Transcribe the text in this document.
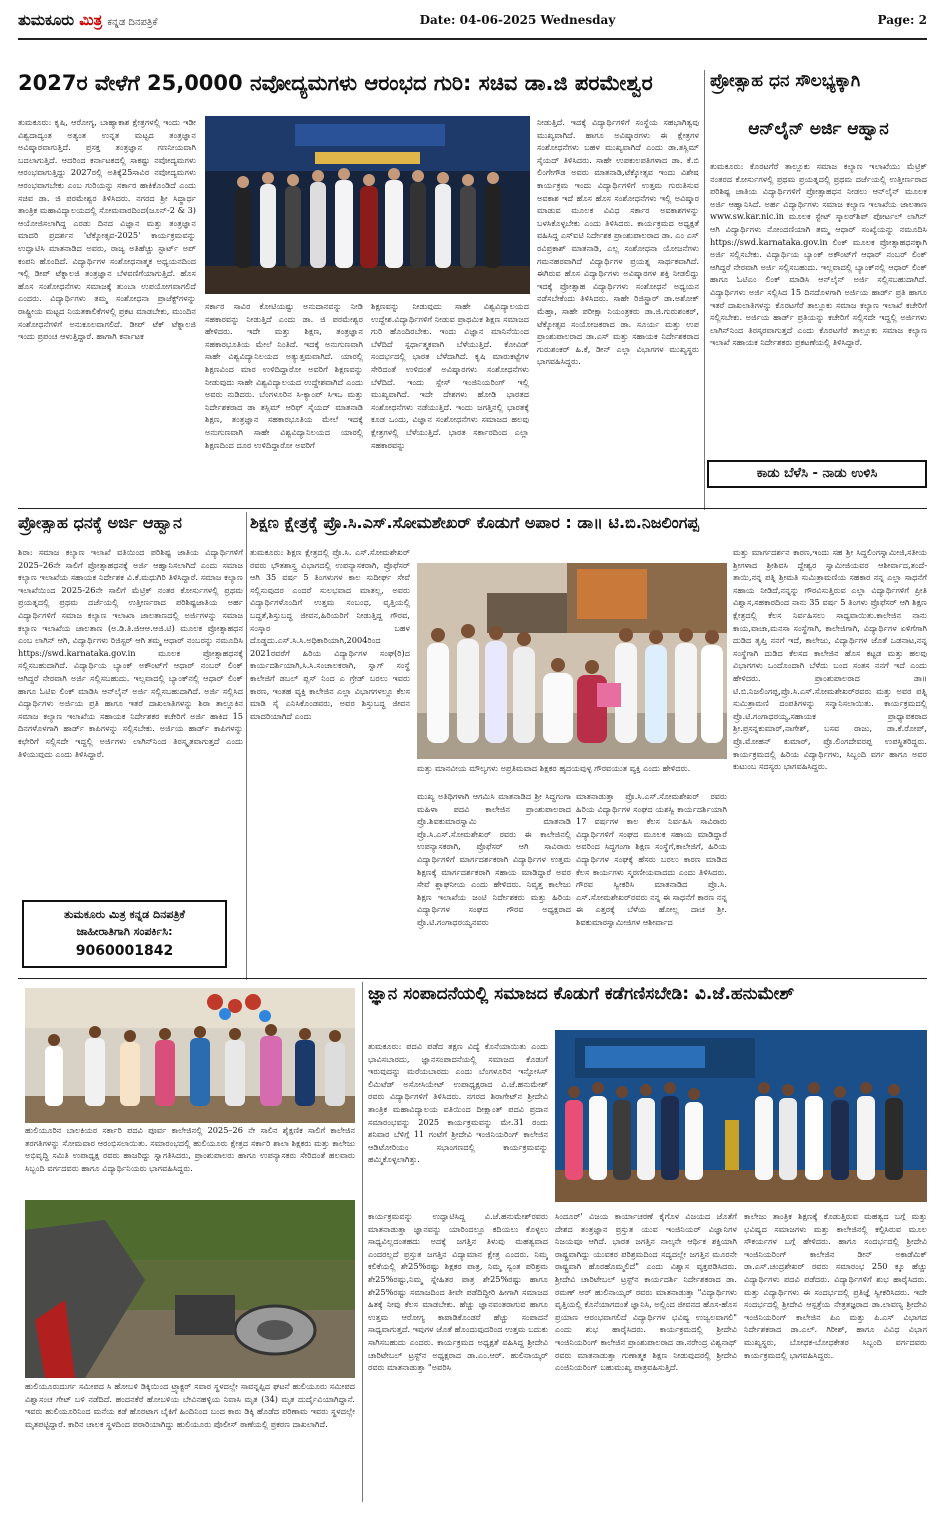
ತುಮಕೂರು ಮಿತ್ರ ಕನ್ನಡ ದಿನಪತ್ರಿಕೆ	Date: 04-06-2025 Wednesday	Page: 2
2027ರ ವೇಳೆಗೆ 25,0000 ನವೋದ್ಯಮಗಳು ಆರಂಭದ ಗುರಿ: ಸಚಿವ ಡಾ.ಜಿ ಪರಮೇಶ್ವರ
ತುಮಕೂರು: ಕೃಷಿ, ಆರೋಗ್ಯ, ಬಾಹ್ಯಾಕಾಶ ಕ್ಷೇತ್ರಗಳಲ್ಲಿ ಇಂದು ಇಡೀ ವಿಶ್ವದಾದ್ಯಂತ ಅತ್ಯಂತ ಉನ್ನತ ಮಟ್ಟದ ತಂತ್ರಜ್ಞಾನ ಅವಿಷ್ಕಾರವಾಗುತ್ತಿದೆ. ಪ್ರಸಕ್ತ ತಂತ್ರಜ್ಞಾನ ಗಣನೀಯವಾಗಿ ಬದಲಾಗುತ್ತಿದೆ. ಆದರಿಂದ ಕರ್ನಾಟಕದಲ್ಲಿ ಸಾಕಷ್ಟು ನವೋದ್ಯಮಗಳು ಆರಂಭವಾಗುತ್ತಿದ್ದು 2027ರಲ್ಲಿ ಅತಿಕ್ಕೆ25ಸಾವಿರ ನವೋದ್ಯಮಗಳು ಆರಂಭವಾಗಬೇಕು ಎಂಬ ಗುರಿಯನ್ನು ಸರ್ಕಾರ ಹಾಕಿಕೊಂಡಿದೆ ಎಂದು ಸಚಿವ ಡಾ. ಜಿ ಪರಮೇಶ್ವರ ತಿಳಿಸಿದರು. ನಗರದ ಶ್ರೀ ಸಿದ್ಧಾರ್ಥ ತಾಂತ್ರಿಕ ಮಹಾವಿದ್ಯಾಲಯದಲ್ಲಿ ಸೋಮವಾರದಿಂದ(ಜೂನ್-2 & 3) ಆಯೋಜಿಸಲಾಗಿದ್ದ ಎರಡು ದಿನದ ವಿಜ್ಞಾನ ಮತ್ತು ತಂತ್ರಜ್ಞಾನ ಮಾದರಿ ಪ್ರದರ್ಶನ 'ಟೆಕ್ಕೋತ್ಸವ-2025' ಕಾರ್ಯಕ್ರಮವನ್ನು ಉದ್ಘಾಟಿಸಿ ಮಾತನಾಡಿದ ಅವರು, ರಾಜ್ಯ ಅತಿಹೆಚ್ಚು ಸ್ಟಾರ್ಟ್ ಅಪ್ ಕಂಪನಿ ಹೊಂದಿದೆ. ವಿದ್ಯಾರ್ಥಿಗಳ ಸಂಶೋಧನಾತ್ಮಕ ಅಧ್ಯಯನದಿಂದ ಇಲ್ಲಿ ಡೀಪ್ ಟೆಕ್ನಾಲಜಿ ತಂತ್ರಜ್ಞಾನ ಬೆಳವಣಿಗೆಯಾಗುತ್ತಿದೆ. ಹೊಸ ಹೊಸ ಸಂಶೋಧನೆಗಳು ಸಮಾಜಕ್ಕೆ ತುಂಬಾ ಉಪಯೋಗವಾಗಲಿದೆ ಎಂದರು. ವಿದ್ಯಾರ್ಥಿಗಳು ತಮ್ಮ ಸಂಶೋಧನಾ ಪ್ರಾಜೆಕ್ಟ್‌ಗಳನ್ನು ರಾಷ್ಟ್ರೀಯ ಮಟ್ಟದ ನಿಯತಕಾಲಿಕೆಗಳಲ್ಲಿ ಪ್ರಕಟ ಮಾಡಬೇಕು, ಮುಂದಿನ ಸಂಶೋಧನೆಗಳಿಗೆ ಅನುಕೂಲವಾಗಲಿದೆ. ಡೀಪ್ ಟೆಕ್ ಟೆಕ್ನಾಲಜಿ ಇಂದು ಪ್ರಪಂಚ ಆಳುತ್ತಿದ್ದಾರೆ. ಹಾಗಾಗಿ ಕರ್ನಾಟಕ
ಸರ್ಕಾರ ಸಾವಿರ ಕೋಟಿಯಷ್ಟು ಅನುದಾನವನ್ನು ನೀಡಿ ಸಹಕಾರವನ್ನು ನೀಡುತ್ತಿದೆ ಎಂದು ಡಾ. ಜಿ ಪರಮೇಶ್ವರ ಹೇಳಿದರು. ಇದೇ ಮತ್ತು ಶಿಕ್ಷಣ, ತಂತ್ರಜ್ಞಾನ ಸಹಕಾರಭೂತಿಯ ಮೇಲೆ ನಿಂತಿದೆ. ಇದಕ್ಕೆ ಅನುಗುಣವಾಗಿ ಸಾಹೇ ವಿಶ್ವವಿದ್ಯಾನಿಲಯದ ಅತ್ಯುತ್ತಮವಾಗಿದೆ. ಯಾರಲ್ಲಿ ಶಿಕ್ಷಣವಿಂದ ಮಾರ ಉಳಿದಿದ್ದಾರೋ ಅವರಿಗೆ ಶಿಕ್ಷಣವನ್ನು ನೀಡುವುದು ಸಾಹೇ ವಿಶ್ವವಿದ್ಯಾಲಯದ ಉದ್ದೇಶವಾಗಿದೆ ಎಂದು ಅವರು ನುಡಿದರು. ಬೆಂಗಳೂರಿನ ಸಿ-ಕ್ಯಾಂಪ್ ಸಿಇಒ ಮತ್ತು ನಿರ್ದೇಶಕರಾದ ಡಾ ತಸ್ಲಿಮ್ ಆರಿಫ್ ಸೈಯದ್ ಮಾತನಾಡಿ ಶಿಕ್ಷಣ, ತಂತ್ರಜ್ಞಾನ ಸಹಕಾರಭೂತಿಯ ಮೇಲೆ ಇದಕ್ಕೆ ಅನುಗುಣವಾಗಿ ಸಾಹೇ ವಿಶ್ವವಿದ್ಯಾನಿಲಯದ ಯಾರಲ್ಲಿ ಶಿಕ್ಷಣದಿಂದ ದೂರ ಉಳಿದಿದ್ದಾರೋ ಅವರಿಗೆ
ಶಿಕ್ಷಣವನ್ನು ನೀಡುವುದು ಸಾಹೇ ವಿಶ್ವವಿದ್ಯಾಲಯದ ಉದ್ದೇಶ.ವಿದ್ಯಾರ್ಥಿಗಳಿಗೆ ನೀಡುವ ಪ್ರಾಥಮಿಕ ಶಿಕ್ಷಣ ಸಮಾಜದ ಗುರಿ ಹೊಂದಿರಬೇಕು. ಇಂದು ವಿಜ್ಞಾನ ಮಾನಿನೆಯಿಂದ ಬೆಳೆದಿದೆ ಸ್ಪರ್ಧಾತ್ಮಕವಾಗಿ ಬೆಳೆಯುತ್ತಿದೆ. ಕೋವಿಡ್ ಸಂದರ್ಭದಲ್ಲಿ ಭಾರತ ಬೆಳೆದಾಗಿದೆ. ಕೃಷಿ ಮಾರುಕಟ್ಟೆಗಳ ಸೇರಿದಂತೆ ಉಳಿದಂತೆ ಅವಿಷ್ಕಾರಗಳು ಸಂಶೋಧನೆಗಳು ಬೆಳೆದಿದೆ. ಇಂದು ಸ್ಪೇಸ್ ಇಂಜಿನಿಯರಿಂಗ್ ಇಲ್ಲಿ ಮುಖ್ಯವಾಗಿದೆ. ಇದೇ ದೇಶಗಳು ಹೋಡಿ ಭಾರತದ ಸಂಶೋಧನೆಗಳು ನಡೆಯುತ್ತಿದೆ. ಇಂದು ಜಗತ್ತಿನಲ್ಲಿ ಭಾರತಕ್ಕೆ ಕೂಡ ಒಂದು, ವಿಜ್ಞಾನ ಸಂಶೋಧನೆಗಳು ಸಮಾಜದ ಹಲವು ಕ್ಷೇತ್ರಗಳಲ್ಲಿ ಬೆಳೆಯುತ್ತಿದೆ. ಭಾರತ ಸರ್ಕಾರದಿಂದ ಎಲ್ಲಾ ಸಹಕಾರವನ್ನು
ನೀಡುತ್ತಿದೆ. ಇದಕ್ಕೆ ವಿದ್ಯಾರ್ಥಿಗಳಿಗೆ ಸಂಸ್ಥೆಯ ಸಹಭಾಗಿತ್ವವು ಮುಖ್ಯವಾಗಿದೆ. ಹಾಗೂ ಅವಿಷ್ಕಾರಗಳು ಈ ಕ್ಷೇತ್ರಗಳ ಸಂಶೋಧನೆಗಳು ಬಹಳ ಮುಖ್ಯವಾಗಿದೆ ಎಂದು ಡಾ.ತಸ್ಲಿಮ್ ಸೈಯದ್ ತಿಳಿಸಿದರು. ಸಾಹೇ ಉಪಕುಲಪತಿಗಳಾದ ಡಾ. ಕೆ.ಬಿ ಲಿಂಗೇಗೌಡ ಅವರು ಮಾತನಾಡಿ,ಟೆಕ್ಕೋತ್ಸವ ಇಂದು ವಿಶೇಷ ಕಾರ್ಯಕ್ರಮ ಇಂದು ವಿದ್ಯಾರ್ಥಿಗಳಿಗೆ ಉತ್ತಮ ಗುರುತಿಸುವ ಅವಕಾಶ ಇದೆ ಹೊಸ ಹೊಸ ಸಂಶೋಧನೆಗಳು ಇಲ್ಲಿ ಅವಿಷ್ಕಾರ ಮಾಡುವ ಮೂಲಕ ವಿವಿಧ ಸರ್ಕಾರ ಅವಕಾಶಗಳನ್ನು ಬಳಸಿಕೊಳ್ಳಬೇಕು ಎಂದು ತಿಳಿಸಿದರು. ಕಾರ್ಯಕ್ರಮದ ಅಧ್ಯಕ್ಷತೆ ವಹಿಸಿದ್ದ ಎಸ್ಐಟಿ ನಿರ್ದೇಶಕ ಪ್ರಾಂಶುಪಾಲರಾದ ಡಾ. ಎಂ ಎಸ್ ರವಿಪ್ರಕಾಶ್ ಮಾತನಾಡಿ, ಎಲ್ಲ ಸಂಶೋಧನಾ ಯೋಜನೆಗಳು ಗಮನಹರವಾಗಿದೆ ವಿದ್ಯಾರ್ಥಿಗಳ ಪ್ರಯತ್ನ ಸಾರ್ಥಕವಾಗಿದೆ. ಈಗಿರುವ ಹೊಸ ವಿದ್ಯಾರ್ಥಿಗಳು ಅವಿಷ್ಕಾರಗಳ ಶಕ್ತಿ ನೀಡಲಿದ್ದು ಇದಕ್ಕೆ ಪ್ರೋತ್ಸಾಹ ವಿದ್ಯಾರ್ಥಿಗಳು ಸಂಶೋಧನೆ ಅಧ್ಯಯನ ನಡೆಸಬೇಕೆಂದು ತಿಳಿಸಿದರು. ಸಾಹೇ ರಿಜಿಸ್ಟ್ರಾರ್ ಡಾ.ಅಶೋಕ್ ಮೆಹ್ತಾ, ಸಾಹೇ ಪರೀಕ್ಷಾ ನಿಯಂತ್ರಕರು ಡಾ.ಜಿ.ಗುರುಶಂಕರ್, ಟೆಕ್ಕೋತ್ಸವ ಸಂಯೋಜಕರಾದ ಡಾ. ಸೂರ್ಯ ಮತ್ತು ಉಪ ಪ್ರಾಂಶುಪಾಲರಾದ ಡಾ.ಎಸ್ ಮತ್ತು ಸಹಾಯಕ ನಿರ್ದೇಶಕರಾದ ಗುರುಶಂಕರ್ ಹಿ.ಕೆ, ಡೀನ್ ಎಲ್ಲಾ ವಿಭಾಗಗಳ ಮುಖ್ಯಸ್ಥರು ಭಾಗವಹಿಸಿದ್ದರು.
ಪ್ರೋತ್ಸಾಹ ಧನ ಸೌಲಭ್ಯಕ್ಕಾಗಿ
ಆನ್‌ಲೈನ್ ಅರ್ಜಿ ಆಹ್ವಾನ
ತುಮಕೂರು: ಕೊರಟಗೆರೆ ತಾಲ್ಲೂಕು ಸಮಾಜ ಕಲ್ಯಾಣ ಇಲಾಖೆಯು ಮೆಟ್ರಿಕ್ ನಂತರದ ಕೋರ್ಸುಗಳಲ್ಲಿ ಪ್ರಥಮ ಪ್ರಯತ್ನದಲ್ಲಿ ಪ್ರಥಮ ದರ್ಜೆಯಲ್ಲಿ ಉತ್ತೀರ್ಣರಾದ ಪರಿಶಿಷ್ಟ ಜಾತಿಯ ವಿದ್ಯಾರ್ಥಿಗಳಿಗೆ ಪ್ರೋತ್ಸಾಹಧನ ನೀಡಲು ಆನ್‌ಲೈನ್ ಮೂಲಕ ಅರ್ಜಿ ಆಹ್ವಾನಿಸಿದೆ. ಅರ್ಹ ವಿದ್ಯಾರ್ಥಿಗಳು ಸಮಾಜ ಕಲ್ಯಾಣ ಇಲಾಖೆಯ ಜಾಲತಾಣ www.sw.kar.nic.in ಮೂಲಕ ಸ್ಟೇಟ್ ಸ್ಕಾಲರ್‌ಶಿಪ್ ಪೋರ್ಟಲ್ ಲಾಗಿನ್ ಆಗಿ ವಿದ್ಯಾರ್ಥಿಗಳು ನೋಂದಣಿಯಾಗಿ ತಮ್ಮ ಆಧಾರ್ ಸಂಖ್ಯೆಯನ್ನು ನಮೂದಿಸಿ https://swd.karnataka.gov.in ಲಿಂಕ್ ಮೂಲಕ ಪ್ರೋತ್ಸಾಹಧನಕ್ಕಾಗಿ ಅರ್ಜಿ ಸಲ್ಲಿಸಬೇಕು. ವಿದ್ಯಾರ್ಥಿಯ ಬ್ಯಾಂಕ್ ಅಕೌಂಟ್‌ಗೆ ಆಧಾರ್ ನಂಬರ್ ಲಿಂಕ್ ಆಗಿದ್ದರೆ ನೇರವಾಗಿ ಅರ್ಜಿ ಸಲ್ಲಿಸಬಹುದು. ಇಲ್ಲವಾದಲ್ಲಿ ಬ್ಯಾಂಕ್‌ನಲ್ಲಿ ಆಧಾರ್ ಲಿಂಕ್ ಹಾಗೂ ಓಟಿಎಂ ಲಿಂಕ್ ಮಾಡಿಸಿ ಆನ್‌ಲೈನ್ ಅರ್ಜಿ ಸಲ್ಲಿಸಬಹುದಾಗಿದೆ. ವಿದ್ಯಾರ್ಥಿಗಳು ಅರ್ಜಿ ಸಲ್ಲಿಸಿದ 15 ದಿನದೊಳಗಾಗಿ ಅರ್ಜಿಯ ಹಾರ್ಡ್ ಪ್ರತಿ ಹಾಗೂ ಇತರೆ ದಾಖಲಾತಿಗಳನ್ನು ಕೊರಟಗೆರೆ ತಾಲ್ಲೂಕು ಸಮಾಜ ಕಲ್ಯಾಣ ಇಲಾಖೆ ಕಚೇರಿಗೆ ಸಲ್ಲಿಸಬೇಕು. ಅರ್ಜಿಯ ಹಾರ್ಡ್ ಪ್ರತಿಯನ್ನು ಕಚೇರಿಗೆ ಸಲ್ಲಿಸದೇ ಇದ್ದಲ್ಲಿ ಅರ್ಜಿಗಳು ಲಾಗಿನ್‌ನಿಂದ ತಿರಸ್ಕರವಾಗುತ್ತದೆ ಎಂದು ಕೊರಟಗೆರೆ ತಾಲ್ಲೂಕು ಸಮಾಜ ಕಲ್ಯಾಣ ಇಲಾಖೆ ಸಹಾಯಕ ನಿರ್ದೇಶಕರು ಪ್ರಕಟಣೆಯಲ್ಲಿ ತಿಳಿಸಿದ್ದಾರೆ.
ಕಾಡು ಬೆಳೆಸಿ - ನಾಡು ಉಳಿಸಿ
ಪ್ರೋತ್ಸಾಹ ಧನಕ್ಕೆ ಅರ್ಜಿ ಆಹ್ವಾನ	ಶಿಕ್ಷಣ ಕ್ಷೇತ್ರಕ್ಕೆ ಪ್ರೊ.ಸಿ.ಎಸ್.ಸೋಮಶೇಖರ್ ಕೊಡುಗೆ ಅಪಾರ : ಡಾ॥ ಟಿ.ಬಿ.ನಿಜಲಿಂಗಪ್ಪ
ಶಿರಾ: ಸಮಾಜ ಕಲ್ಯಾಣ ಇಲಾಖೆ ವತಿಯಿಂದ ಪರಿಶಿಷ್ಟ ಜಾತಿಯ ವಿದ್ಯಾರ್ಥಿಗಳಿಗೆ 2025–26ನೇ ಸಾಲಿಗೆ ಪ್ರೋತ್ಸಾಹಧನಕ್ಕೆ ಅರ್ಜಿ ಆಹ್ವಾನಿಸಲಾಗಿದೆ ಎಂದು ಸಮಾಜ ಕಲ್ಯಾಣ ಇಲಾಖೆಯ ಸಹಾಯಕ ನಿರ್ದೇಶಕ ವಿ.ಕೆ.ಮಧುಗಿರಿ ತಿಳಿಸಿದ್ದಾರೆ. ಸಮಾಜ ಕಲ್ಯಾಣ ಇಲಾಖೆಯಿಂದ 2025-26ನೇ ಸಾಲಿಗೆ ಮೆಟ್ರಿಕ್ ನಂತರ ಕೋರ್ಸುಗಳಲ್ಲಿ ಪ್ರಥಮ ಪ್ರಯತ್ನದಲ್ಲಿ ಪ್ರಥಮ ದರ್ಜೆಯಲ್ಲಿ ಉತ್ತೀರ್ಣರಾದ ಪರಿಶಿಷ್ಟಜಾತಿಯ ಅರ್ಹ ವಿದ್ಯಾರ್ಥಿಗಳಿಗೆ ಸಮಾಜ ಕಲ್ಯಾಣ ಇಲಾಖಾ ಜಾಲತಾಣದಲ್ಲಿ ಅರ್ಜಿಗಳನ್ನು ಸಮಾಜ ಕಲ್ಯಾಣ ಇಲಾಖೆಯ ಜಾಲತಾಣ (ಅ.ಡಿ.ತಿ.ಜಿಆಆ.ಆಜಿ.ಟಿ) ಮೂಲಕ ಪ್ರೋತ್ಸಾಹಧನ ಎಂಬ ಲಾಗಿನ್ ಆಗಿ, ವಿದ್ಯಾರ್ಥಿಗಳು ರಿಜಿಸ್ಟರ್ ಆಗಿ ತಮ್ಮ ಆಧಾರ್ ನಂಬರನ್ನು ನಮೂದಿಸಿ https://swd.karnataka.gov.in ಮೂಲಕ ಪ್ರೋತ್ಸಾಹಧನಕ್ಕೆ ಸಲ್ಲಿಸಬಹುದಾಗಿದೆ. ವಿದ್ಯಾರ್ಥಿಯ ಬ್ಯಾಂಕ್ ಅಕೌಂಟ್‌ಗೆ ಆಧಾರ್ ನಂಬರ್ ಲಿಂಕ್ ಆಗಿದ್ದರೆ ನೇರವಾಗಿ ಅರ್ಜಿ ಸಲ್ಲಿಸಬಹುದು. ಇಲ್ಲವಾದಲ್ಲಿ ಬ್ಯಾಂಕ್‌ನಲ್ಲಿ ಆಧಾರ್ ಲಿಂಕ್ ಹಾಗೂ ಓಟಿಐ ಲಿಂಕ್ ಮಾಡಿಸಿ ಆನ್‌ಲೈನ್ ಅರ್ಜಿ ಸಲ್ಲಿಸಬಹುದಾಗಿದೆ. ಅರ್ಜಿ ಸಲ್ಲಿಸಿದ ವಿದ್ಯಾರ್ಥಿಗಳು ಅರ್ಜಿಯ ಪ್ರತಿ ಹಾಗೂ ಇತರೆ ದಾಖಲಾತಿಗಳನ್ನು ಶಿರಾ ತಾಲ್ಲೂಕಿನ ಸಮಾಜ ಕಲ್ಯಾಣ ಇಲಾಖೆಯ ಸಹಾಯಕ ನಿರ್ದೇಶಕರ ಕಚೇರಿಗೆ ಅರ್ಜಿ ಹಾಕಿದ 15 ದಿನಗಳೊಳಗಾಗಿ ಹಾರ್ಡ್ ಕಾಪಿಗಳನ್ನು ಸಲ್ಲಿಸಬೇಕು. ಅರ್ಜಿಯ ಹಾರ್ಡ್ ಕಾಪಿಗಳನ್ನು ಕಛೇರಿಗೆ ಸಲ್ಲಿಸದೇ ಇದ್ದಲ್ಲಿ ಅರ್ಜಿಗಳು ಲಾಗಿನ್‌ನಿಂದ ತಿರಸ್ಕೃತವಾಗುತ್ತದೆ ಎಂದು ತಿಳಿಯುವುದು ಎಂದು ತಿಳಿಸಿದ್ದಾರೆ.
ತುಮಕೂರು ಮಿತ್ರ ಕನ್ನಡ ದಿನಪತ್ರಿಕೆ
ಜಾಹೀರಾತಿಗಾಗಿ ಸಂಪರ್ಕಿಸಿ:
9060001842
ತುಮಕೂರು: ಶಿಕ್ಷಣ ಕ್ಷೇತ್ರದಲ್ಲಿ ಪ್ರೊ.ಸಿ. ಎಸ್.ಸೋಮಶೇಖರ್ ರವರು ಭೌತಶಾಸ್ತ್ರ ವಿಭಾಗದಲ್ಲಿ ಉಪನ್ಯಾಸಕರಾಗಿ, ಪ್ರೊಫೆಸರ್ ಆಗಿ 35 ವರ್ಷ 5 ತಿಂಗಳುಗಳ ಕಾಲ ಸುದೀರ್ಘ ಸೇವೆ ಸಲ್ಲಿಸುವುದರ ಎಂದರೆ ಸುಲಭವಾದ ಮಾತಲ್ಲ, ಅವರು ವಿದ್ಯಾರ್ಥಿಗಳೊಂದಿಗೆ ಉತ್ತಮ ಸಂಬಂಧ, ವೃತ್ತಿಯಲ್ಲಿ ಬದ್ಧತೆ,ಶಿಸ್ತುಬದ್ಧ ಜೀವನ,ಹಿರಿಯರಿಗೆ ನೀಡುತ್ತಿದ್ದ ಗೌರವ, ಸಂಸ್ಕಾರ ಬಹಳ ದೊಡ್ಡದು.ಎಸ್.ಸಿ.ಸಿ.ಅಧಿಕಾರಿಯಾಗಿ,2004ರಿಂದ 2021ರವರೆಗೆ ಹಿರಿಯ ವಿದ್ಯಾರ್ಥಿಗಳ ಸಂಘ(ರಿ)ದ ಕಾರ್ಯದರ್ಶಿಯಾಗಿ,ಸಿ.ಸಿ.ಸಂಚಾಲಕರಾಗಿ, ಸ್ವಾಗ್ ಸಂಸ್ಥೆ ಕಾಲೇಜಿಗೆ ಡಬಲ್ ಪ್ಲಸ್ ನಿಂದ ಎ ಗ್ರೇಡ್ ಬರಲು ಇವರು ಕಾರಣ, ಇಂತಹ ವ್ಯಕ್ತಿ ಕಾಲೇಜಿನ ಎಲ್ಲಾ ವಿಭಾಗಗಳಲ್ಲೂ ಕೆಲಸ ಮಾಡಿ ಸೈ ಎನಿಸಿಕೊಂಡವರು, ಅವರ ಶಿಸ್ತುಬದ್ಧ ಜೀವನ ಮಾದರಿಯಾಗಿದೆ ಎಂದು
ಮತ್ತು ಮಾನವೀಯ ಮೌಲ್ಯಗಳು ಅಪ್ರತಿಮವಾದ ಶಿಕ್ಷಕರ ಹೃದಯವುಳ್ಳ ಗೌರವಯುತ ವ್ಯಕ್ತಿ ಎಂದು ಹೇಳಿದರು.
ಮುಖ್ಯ ಅತಿಥಿಗಳಾಗಿ ಆಗಮಿಸಿ ಮಾತನಾಡಿದ ಶ್ರೀ ಸಿದ್ಧಗಂಗಾ ಮಹಿಳಾ ಪದವಿ ಕಾಲೇಜಿನ ಪ್ರಾಂಶುಪಾಲರಾದ ಪ್ರೊ.ಶಿವಕುಮಾರಸ್ವಾಮಿ ಮಾತನಾಡಿ ಪ್ರೊ.ಸಿ.ಎಸ್.ಸೋಮಶೇಖರ್ ರವರು ಈ ಕಾಲೇಜಿನಲ್ಲಿ ಉಪನ್ಯಾಸಕರಾಗಿ, ಪ್ರೊಫೆಸರ್ ಆಗಿ ಸಾವಿರಾರು ವಿದ್ಯಾರ್ಥಿಗಳಿಗೆ ಮಾರ್ಗದರ್ಶಕರಾಗಿ ವಿದ್ಯಾರ್ಥಿಗಳ ಉತ್ತಮ ಶಿಕ್ಷಣಕ್ಕೆ ಮಾರ್ಗದರ್ಶಕರಾಗಿ ಸಹಾಯ ಮಾಡಿದ್ದಾರೆ ಅವರ ಸೇವೆ ಶ್ಲಾಘನೀಯ ಎಂದು ಹೇಳಿದರು. ನಿವೃತ್ತ ಕಾಲೇಜು ಶಿಕ್ಷಣ ಇಲಾಖೆಯ ಜಂಟಿ ನಿರ್ದೇಶಕರು ಮತ್ತು ಹಿರಿಯ ವಿದ್ಯಾರ್ಥಿಗಳ ಸಂಘದ ಗೌರವ ಅಧ್ಯಕ್ಷರಾದ ಪ್ರೊ.ಟಿ.ಗಂಗಾಧರಯ್ಯನವರು
ಮಾತನಾಡುತ್ತಾ ಪ್ರೊ.ಸಿ.ಎಸ್.ಸೋಮಶೇಖರ್ ರವರು ಹಿರಿಯ ವಿದ್ಯಾರ್ಥಿಗಳ ಸಂಘದ ಯಶಸ್ವಿ ಕಾರ್ಯದರ್ಶಿಯಾಗಿ 17 ವರ್ಷಗಳ ಕಾಲ ಕೆಲಸ ನಿರ್ವಹಿಸಿ ಸಾವಿರಾರು ವಿದ್ಯಾರ್ಥಿಗಳಿಗೆ ಸಂಘದ ಮೂಲಕ ಸಹಾಯ ಮಾಡಿದ್ದಾರೆ ಅವರಿಂದ ಸಿದ್ಧಗಂಗಾ ಶಿಕ್ಷಣ ಸಂಸ್ಥೆಗೆ,ಕಾಲೇಜಿಗೆ, ಹಿರಿಯ ವಿದ್ಯಾರ್ಥಿಗಳ ಸಂಘಕ್ಕೆ ಹೆಸರು ಬರಲು ಕಾರಣ ಮಾಡಿದ ಕೆಲಸ ಕಾರ್ಯಗಳು ಸ್ಮರಣೀಯವಾದದು ಎಂದು ತಿಳಿಸಿದರು. ಗೌರವ ಸ್ವೀಕರಿಸಿ ಮಾತನಾಡಿದ ಪ್ರೊ.ಸಿ. ಎಸ್.ಸೋಮಶೇಖರ್‌ರವರು ನನ್ನ ಈ ಸಾಧನೆಗೆ ಕಾರಣ ನನ್ನ ಈ ಎತ್ತರಕ್ಕೆ ಬೆಳೆಯ ಹೋಲ್ಲ ದಾಚ ಶ್ರೀ. ಶಿವಕುಮಾರಸ್ವಾಮೀಜಿಗಳ ಆಶೀರ್ವಾದ
ಮತ್ತು ಮಾರ್ಗದರ್ಶನ ಕಾರಣ,ಇಂದು ಸಹ ಶ್ರೀ ಸಿದ್ದಲಿಂಗಸ್ವಾಮೀಜಿ,ಸತೀಯ ಶ್ರೀಗಳಾದ ಶ್ರೀಶಿವಸಿ ದ್ದೇಶ್ವರ ಸ್ವಾಮೀಜಿಯವರ ಆಶೀರ್ವಾದ,ತಂದೆ-ತಾಯಿ,ನನ್ನ ಪತ್ನಿ ಶ್ರೀಮತಿ ಸುಮಿತ್ರಾಮಣಿಯ ಸಹಕಾರ ನನ್ನ ಎಲ್ಲಾ ಸಾಧನೆಗೆ ಸಹಾಯ ನೀಡಿದೆ,ನನ್ನನ್ನು ಗೌರವಿಸುತ್ತಿರುವ ಎಲ್ಲಾ ವಿದ್ಯಾರ್ಥಿಗಳಿಗೆ ಪ್ರೀತಿ ವಿಶ್ವಾಸ,ಸಹಕಾರದಿಂದ ನಾನು 35 ವರ್ಷ 5 ತಿಂಗಳು ಪ್ರೊಫೆಸರ್ ಆಗಿ ಶಿಕ್ಷಣ ಕ್ಷೇತ್ರದಲ್ಲಿ ಕೆಲಸ ನಿರ್ವಹಿಸಲು ಸಾಧ್ಯವಾಯಿತು.ಕಾಲೇಜಿನ ನಾನು ಕಾಯ,ವಾಚಾ,ಮನಸಾ ಸಂಸ್ಥೆಗಾಗಿ, ಕಾಲೇಜಿಗಾಗಿ, ವಿದ್ಯಾರ್ಥಿಗಳ ಏಳಿಗೆಗಾಗಿ ದುಡಿದ ತೃಪ್ತಿ ನನಗೆ ಇದೆ, ಕಾಲೇಜು, ವಿದ್ಯಾರ್ಥಿಗಳ ಜೊತೆ ಒಡನಾಟ,ನನ್ನ ಸಂಸ್ಥೆಗಾಗಿ ದುಡಿದ ಕೆಲಸದ ಕಾಲೇಜಿನ ಹೊಸ ಕಟ್ಟಡ ಮತ್ತು ಹಲವು ವಿಭಾಗಗಳು ಒಂದೊಂದಾಗಿ ಬೆಳೆದು ಬಂದ ಸಂತಸ ನನಗೆ ಇದೆ ಎಂದು ಹೇಳಿದರು. ಪ್ರಾಂಶುಪಾಲರಾದ ಡಾ॥ ಟಿ.ಬಿ.ನಿಜಲಿಂಗಪ್ಪ,ಪ್ರೊ.ಸಿ.ಎಸ್.ಸೋಮಶೇಖರ್‌ರವರು ಮತ್ತು ಅವರ ಪತ್ನಿ ಸುಮಿತ್ರಾಮಣಿ ದಂಪತಿಗಳನ್ನು ಸನ್ಮಾನಿಸಲಾಯಿತು. ಕಾರ್ಯಕ್ರಮದಲ್ಲಿ ಪ್ರೊ.ಟಿ.ಗಂಗಾಧರಯ್ಯ,ಸಹಾಯಕ ಪ್ರಾಧ್ಯಾಪಕರಾದ ಶ್ರೀ.ಪ್ರಸನ್ನಕುಮಾರ್,ನಾಗೇಶ್, ಬಸವ ರಾಜು, ಡಾ.ಕೆ.ರೋಪ್, ಪ್ರೊ.ಮೋಹನ್ ಕುಮಾರ್, ಪ್ರೊ.ಲಿಂಗದೇವರಪ್ಪ ಉಪಸ್ಥಿತರಿದ್ದರು. ಕಾರ್ಯಕ್ರಮದಲ್ಲಿ ಹಿರಿಯ ವಿದ್ಯಾರ್ಥಿಗಳು, ಸಿಬ್ಬಂದಿ ವರ್ಗ ಹಾಗೂ ಅವರ ಕುಟುಂಬ ಸದಸ್ಯರು ಭಾಗವಹಿಸಿದ್ದರು.
ಹುಲಿಯೂರಿನ ಬಾಲಕಿಯರ ಸರ್ಕಾರಿ ಪದವಿ ಪೂರ್ವ ಕಾಲೇಜಿನಲ್ಲಿ 2025–26 ನೇ ಸಾಲಿನ ಶೈಕ್ಷಣಿಕ ಸಾಲಿಗೆ ಕಾಲೇಜಿನ ತರಗತಿಗಳನ್ನು ಸೋಮವಾರ ಆರಂಭಿಸಲಾಯಿತು. ಸಮಾರಂಭದಲ್ಲಿ ಹುಲಿಯೂರು ಕ್ಷೇತ್ರದ ಸರ್ಕಾರಿ ಶಾಲಾ ಶಿಕ್ಷಕರು ಮತ್ತು ಕಾಲೇಜು ಅಭಿವೃದ್ಧಿ ಸಮಿತಿ ಉಪಾಧ್ಯಕ್ಷ ರವರು ಹಾಜರಿದ್ದು ಸ್ವಾಗತಿಸಿದರು, ಪ್ರಾಂಶುಪಾಲರು ಹಾಗೂ ಉಪನ್ಯಾಸಕರು ಸೇರಿದಂತೆ ಹಲವಾರು ಸಿಬ್ಬಂದಿ ವರ್ಗದವರು ಹಾಗೂ ವಿದ್ಯಾರ್ಥಿನಿಯರು ಭಾಗವಹಿಸಿದ್ದರು.
ಹುಲಿಯೂರುದುರ್ಗ ಸಮೀಪದ ಸಿ ಹೋಬಳಿ ಡಿಕ್ಕಿಯಿಂದ ಟ್ರ್ಯಾಕ್ಟರ್ ಸವಾರ ಸ್ಥಳದಲ್ಲೇ ಸಾವನ್ನಪ್ಪಿದ ಘಟನೆ ಹುಲಿಯೂರು ಸಮೀಪದ ವಿಶ್ವಾಸಂಚ ಗೇಟ್ ಬಳಿ ನಡೆದಿದೆ. ಹಂದನಕೆರೆ ಹೋಬಳಿಯ ಬೇವಿನಹಳ್ಳಿಯ ನಿವಾಸಿ ಮೃತ (34) ಮೃತ ದುರ್ದೈವಿಯಾಗಿದ್ದಾನೆ. ಇವರು ಹುಲಿಯೂರಿನಿಂದ ಮನೆಯ ಕಡೆ ಹೊರಟಾಗ ಬೈಕಿಗೆ ಹಿಂದಿನಿಂದ ಬಂದ ಕಾರು ಡಿಕ್ಕಿ ಹೊಡೆದ ಪರಿಣಾಮ ಇವರು ಸ್ಥಳದಲ್ಲೇ ಮೃತಪಟ್ಟಿದ್ದಾರೆ. ಕಾರಿನ ಚಾಲಕ ಸ್ಥಳದಿಂದ ಪರಾರಿಯಾಗಿದ್ದು ಹುಲಿಯೂರು ಪೊಲೀಸ್ ಠಾಣೆಯಲ್ಲಿ ಪ್ರಕರಣ ದಾಖಲಾಗಿದೆ.
ಜ್ಞಾನ ಸಂಪಾದನೆಯಲ್ಲಿ ಸಮಾಜದ ಕೊಡುಗೆ ಕಡೆಗಣಿಸಬೇಡಿ: ವಿ.ಜೆ.ಹನುಮೇಶ್
ತುಮಕೂರು: ಪದವಿ ಪಡೆದ ತಕ್ಷಣ ವಿದ್ಯೆ ಕೊನೆಯಾಯಿತು ಎಂದು ಭಾವಿಸಬಾರದು, ಜ್ಞಾನಸಂಪಾದನೆಯಲ್ಲಿ ಸಮಾಜದ ಕೊಡುಗೆ ಇರುವುದನ್ನು ಮರೆಯಬಾರದು ಎಂದು ಬೆಂಗಳೂರಿನ ಇನ್ಫೋಸಿಸ್ ಲಿಮಿಟೆಡ್ ಅಸೋಸಿಯೇಟ್ ಉಪಾಧ್ಯಕ್ಷರಾದ ವಿ.ಜೆ.ಹನುಮೇಶ್ ರವರು ವಿದ್ಯಾರ್ಥಿಗಳಿಗೆ ತಿಳಿಸಿದರು. ನಗರದ ಶಿರಾಗೇಟ್‌ನ ಶ್ರೀದೇವಿ ತಾಂತ್ರಿಕ ಮಹಾವಿದ್ಯಾಲಯ ವತಿಯಿಂದ ದೀಕ್ಷಾಂತ್ ಪದವಿ ಪ್ರದಾನ ಸಮಾರಂಭವನ್ನು 2025 ಕಾರ್ಯಕ್ರಮವನ್ನು ಮೇ.31 ರಂದು ಶನಿವಾರ ಬೆಳಿಗ್ಗೆ 11 ಗಂಟೆಗೆ ಶ್ರೀದೇವಿ ಇಂಜಿನಿಯರಿಂಗ್ ಕಾಲೇಜಿನ ಆಡಿಟೋರಿಯಂ ಸಭಾಂಗಣದಲ್ಲಿ ಕಾರ್ಯಕ್ರಮವನ್ನು ಹಮ್ಮಿಕೊಳ್ಳಲಾಗಿತ್ತು.
ಕಾರ್ಯಕ್ರಮವನ್ನು ಉದ್ಘಾಟಿಸಿದ್ದ ವಿ.ಜೆ.ಹನುಮೇಶ್‌ರವರು ಮಾತನಾಡುತ್ತಾ ಜ್ಞಾನವನ್ನು ಯಾರಿಂದಲ್ಲೂ ಕದಿಯಲು ಕೊಳ್ಳಲು ಸಾಧ್ಯವಿಲ್ಲದಂತಹದು ಅದಕ್ಕೆ ಜಗತ್ತಿನ ತಿಳುವು ಮಹತ್ವವಾದ ಎಂದರಲ್ಲದೆ ಪ್ರಸ್ತುತ ಜಗತ್ತಿನ ವಿದ್ಯಾಮಾನ ಕ್ಷೇತ್ರ ಎಂದರು. ನಿಮ್ಮ ಕಲಿಕೆಯಲ್ಲಿ ಶೇ25%ರಷ್ಟು ಶಿಕ್ಷಕರ ಪಾತ್ರ, ನಿಮ್ಮ ಸ್ವಂತ ಪರಿಶ್ರಮ ಶೇ25%ರಷ್ಟು,ನಿಮ್ಮ ಸ್ನೇಹಿತರ ಪಾತ್ರ ಶೇ25%ರಷ್ಟು ಹಾಗೂ ಶೇ25%ರಷ್ಟು ಸಮಾಜದಿಂದ ತೀವೇ ಪಡೆದಿದ್ದೀರಿ ಹೀಗಾಗಿ ಸಮಾಜದ ಹಿತಕ್ಕೆ ನೀವು ಕೆಲಸ ಮಾಡಬೇಕು. ಹೆಚ್ಚು ಜ್ಞಾನವಂತರಾಗುವ ಹಾಗೂ ಉತ್ತಮ ಆರೋಗ್ಯ ಕಾಪಾಡಿಕೊಂಡರೆ ಹೆಚ್ಚು ಸಂಪಾದನೆ ಸಾಧ್ಯವಾಗುತ್ತದೆ. ಇವುಗಳ ಜೊತೆ ಹೊಂದುವುದರಿಂದ ಉತ್ತಮ ಬದುಕು ಸಾಗಿಸಬಹುದು ಎಂದರು. ಕಾರ್ಯಕ್ರಮದ ಅಧ್ಯಕ್ಷತೆ ವಹಿಸಿದ್ದ ಶ್ರೀದೇವಿ ಚಾರಿಟೇಬಲ್ ಟ್ರಸ್ಟ್‌ನ ಅಧ್ಯಕ್ಷರಾದ ಡಾ.ಎಂ.ಆರ್. ಹುಲಿನಾಯ್ಕರ್ ರವರು ಮಾತನಾಡುತ್ತಾ "ಅವರಿಸಿ
ಸಿಂದೂರ್' ವಿಜಯ ಕಾರ್ಯಾಚರಣೆ ಕೈಗೊಳ ವಿಜಯದ ಜೊತೆಗೆ ದೇಶದ ತಂತ್ರಜ್ಞಾನ ಪ್ರಸ್ತುತ ಯುವ ಇಂಜಿನಿಯರ್ ವಿಜ್ಞಾನಿಗಳ ನಿಜಯವೂ ಆಗಿದೆ. ಭಾರತ ಜಗತ್ತಿನ ನಾಲ್ಕನೇ ಆರ್ಥಿಕ ಶಕ್ತಿಯಾಗಿ ರಾಷ್ಟ್ರವಾಗಿದ್ದು ಯುವಕರ ಪರಿಶ್ರಮದಿಂದ ಸದ್ಯದಲ್ಲೇ ಜಗತ್ತಿನ ಮೂರನೇ ರಾಷ್ಟ್ರವಾಗಿ ಹೊರಹೊಮ್ಮಲಿದೆ" ಎಂದು ವಿಶ್ವಾಸ ವ್ಯಕ್ತಪಡಿಸಿದರು. ಶ್ರೀದೇವಿ ಚಾರಿಟೇಬಲ್ ಟ್ರಸ್ಟ್‌ನ ಕಾರ್ಯದರ್ಶಿ ನಿರ್ದೇಶಕರಾದ ಡಾ. ರಮಣ್ ಆರ್ ಹುಲಿನಾಯ್ಕರ್ ರವರು ಮಾತನಾಡುತ್ತಾ "ವಿದ್ಯಾರ್ಥಿಗಳು ವೃತ್ತಿಯಲ್ಲಿ ಕೊನೆಯಾಗದಂತೆ ಜ್ಞಾನಿಸಿ, ಅಲ್ಲಿಂದ ಜೀವನದ ಹೊಸ-ಹೊಸ ಪ್ರಯಾಣ ಆರಂಭವಾಗಲಿದೆ ವಿದ್ಯಾರ್ಥಿಗಳ ಭವಿಷ್ಯ ಉಜ್ವಲವಾಗಲಿ" ಎಂದು ಶುಭ ಹಾರೈಸಿದರು. ಕಾರ್ಯಕ್ರಮದಲ್ಲಿ ಶ್ರೀದೇವಿ ಇಂಜಿನಿಯರಿಂಗ್ ಕಾಲೇಜಿನ ಪ್ರಾಂಶುಪಾಲರಾದ ಡಾ.ನರೇಂದ್ರ ವಿಶ್ವನಾಥ್ ರವರು ಮಾತನಾಡುತ್ತಾ ಗುಣಾತ್ಮಕ ಶಿಕ್ಷಣ ನೀಡುವುದರಲ್ಲಿ ಶ್ರೀದೇವಿ ಎಂಜಿನಿಯರಿಂಗ್ ಬಹುಮುಖ್ಯ ಪಾತ್ರವಹಿಸುತ್ತಿದೆ.
ಕಾಲೇಜು ತಾಂತ್ರಿಕ ಶಿಕ್ಷಣಕ್ಕೆ ಕೊಡುತ್ತಿರುವ ಮಹತ್ವದ ಬಗ್ಗೆ ಮತ್ತು ಭವಿಷ್ಯದ ಸಮಾಜಗಳು ಮತ್ತು ಕಾಲೇಜಿನಲ್ಲಿ ಕಲ್ಪಿಸಿರುವ ಮೂಲ ಸೌಕರ್ಯಗಳ ಬಗ್ಗೆ ಹೇಳಿದರು. ಹಾಗೂ ಸಂದರ್ಭದಲ್ಲಿ ಶ್ರೀದೇವಿ ಇಂಜಿನಿಯರಿಂಗ್ ಕಾಲೇಜಿನ ಡೀನ್ ಅಕಾಡೆಮಿಕ್ ಡಾ.ಎಸ್.ಚಂದ್ರಶೇಖರ್ ರವರು ಸಮಾರಂಭ 250 ಕ್ಕೂ ಹೆಚ್ಚು ವಿದ್ಯಾರ್ಥಿಗಳು ಪದವಿ ಪಡೆದರು. ವಿದ್ಯಾರ್ಥಿಗಳಿಗೆ ಶುಭ ಹಾರೈಸಿದರು. ಮತ್ತು ವಿದ್ಯಾರ್ಥಿಗಳು ಈ ಸಂದರ್ಭದಲ್ಲಿ ಪ್ರತಿಜ್ಞೆ ಸ್ವೀಕರಿಸಿದರು. ಇದೇ ಸಂದರ್ಭದಲ್ಲಿ ಶ್ರೀದೇವಿ ಆಸ್ಪತ್ರೆಯ ನೇತ್ರತಜ್ಞರಾದ ಡಾ.ಲಾವಣ್ಯ ಶ್ರೀದೇವಿ ಇಂಜಿನಿಯರಿಂಗ್ ಕಾಲೇಜಿನ ಪಿಎ ಮತ್ತು ಪಿ.ಎಸ್ ವಿಭಾಗದ ನಿರ್ದೇಶಕರಾದ ಡಾ.ಎಲ್. ಗಿರೀಶ್, ಹಾಗೂ ವಿವಿಧ ವಿಭಾಗ ಮುಖ್ಯಸ್ಥರು, ಬೋಧಕ-ಬೋಧಕೇತರ ಸಿಬ್ಬಂದಿ ವರ್ಗದವರು ಕಾರ್ಯಕ್ರಮದಲ್ಲಿ ಭಾಗವಹಿಸಿದ್ದರು.
